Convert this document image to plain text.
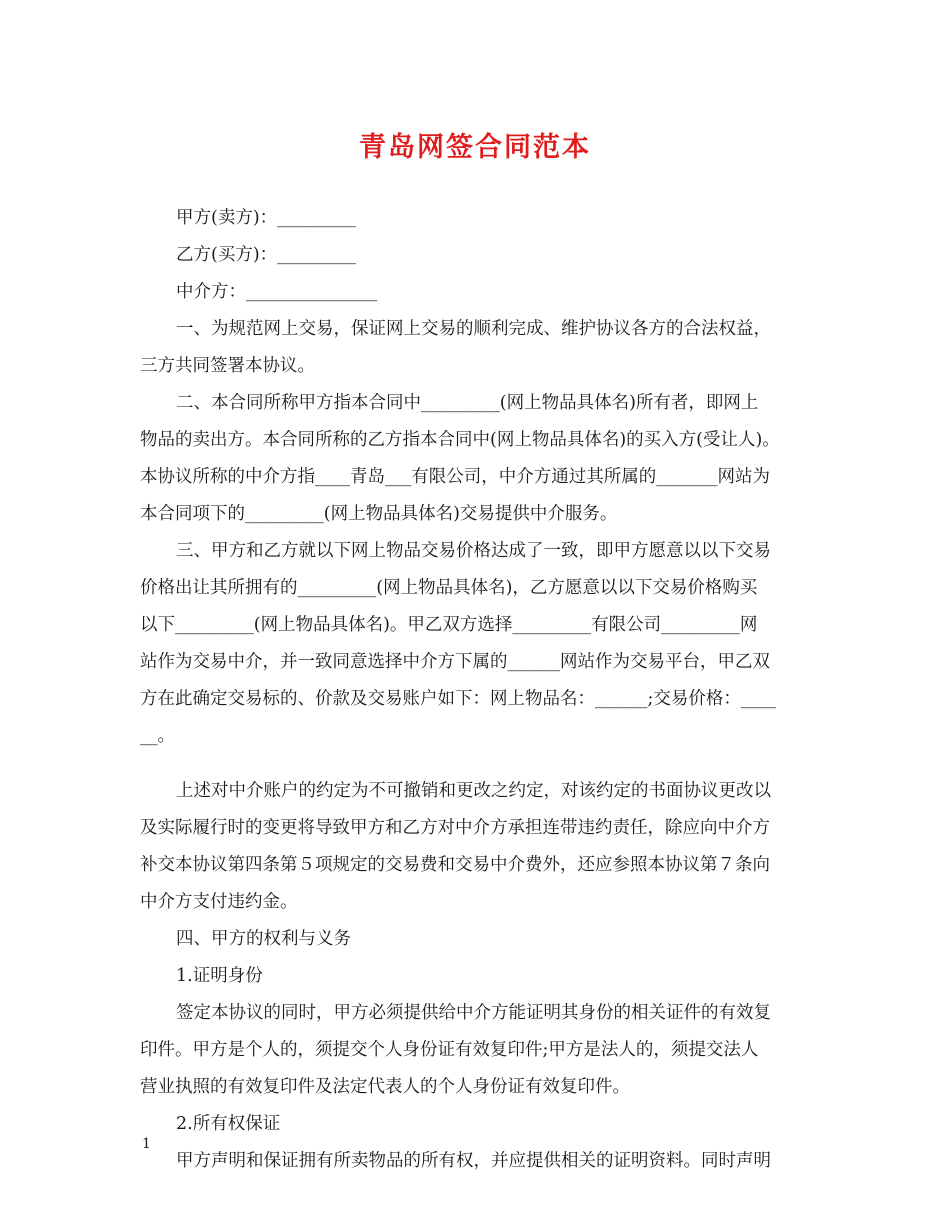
青岛网签合同范本
甲方(卖方)：_________
乙方(买方)：_________
中介方：_______________
一、为规范网上交易，保证网上交易的顺利完成、维护协议各方的合法权益，
三方共同签署本协议。
二、本合同所称甲方指本合同中_________(网上物品具体名)所有者，即网上
物品的卖出方。本合同所称的乙方指本合同中(网上物品具体名)的买入方(受让人)。
本协议所称的中介方指____青岛___有限公司，中介方通过其所属的_______网站为
本合同项下的_________(网上物品具体名)交易提供中介服务。
三、甲方和乙方就以下网上物品交易价格达成了一致，即甲方愿意以以下交易
价格出让其所拥有的_________(网上物品具体名)，乙方愿意以以下交易价格购买
以下_________(网上物品具体名)。甲乙双方选择_________有限公司_________网
站作为交易中介，并一致同意选择中介方下属的______网站作为交易平台，甲乙双
方在此确定交易标的、价款及交易账户如下：网上物品名：______;交易价格：____
__。
上述对中介账户的约定为不可撤销和更改之约定，对该约定的书面协议更改以
及实际履行时的变更将导致甲方和乙方对中介方承担连带违约责任，除应向中介方
补交本协议第四条第５项规定的交易费和交易中介费外，还应参照本协议第７条向
中介方支付违约金。
四、甲方的权利与义务
1.证明身份
签定本协议的同时，甲方必须提供给中介方能证明其身份的相关证件的有效复
印件。甲方是个人的，须提交个人身份证有效复印件;甲方是法人的，须提交法人
营业执照的有效复印件及法定代表人的个人身份证有效复印件。
2.所有权保证
甲方声明和保证拥有所卖物品的所有权，并应提供相关的证明资料。同时声明
1
